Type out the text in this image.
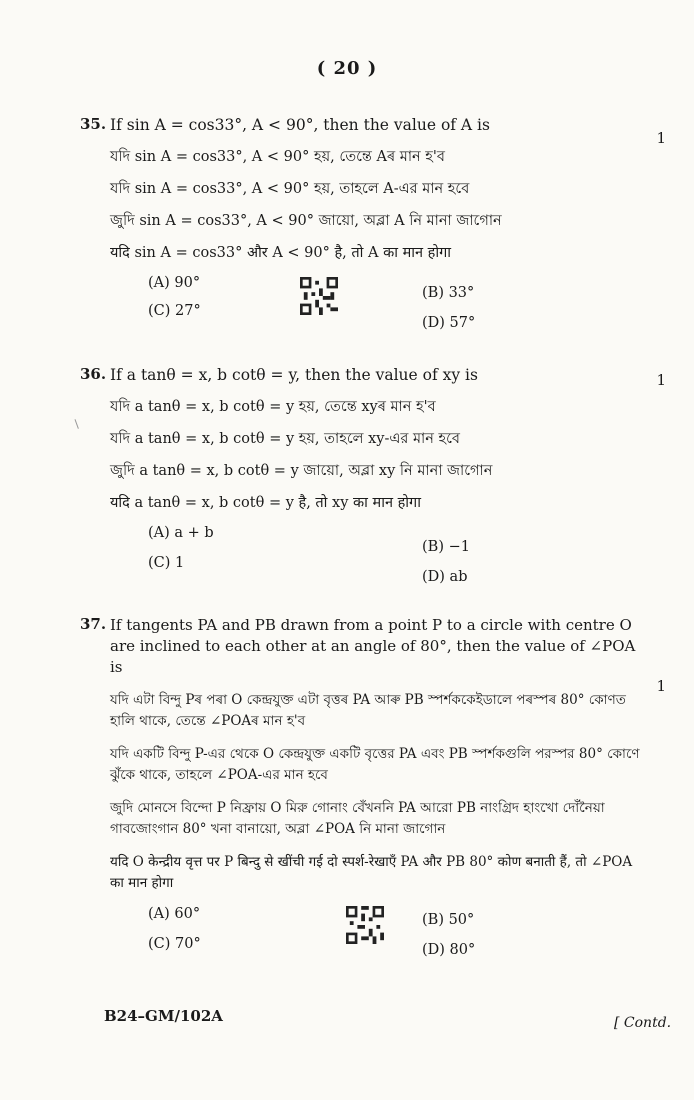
( 20 )
35.
1
If sin A = cos33°, A < 90°, then the value of A is
যদি sin A = cos33°, A < 90° হয়, তেন্তে Aৰ মান হ'ব
যদি sin A = cos33°, A < 90° হয়, তাহলে A-এর মান হবে
জুদি sin A = cos33°, A < 90° জায়ো, অব্লা A নি মানা জাগোন
यदि sin A = cos33° और A < 90° है, तो A का मान होगा
(A) 90°
(B) 33°
(C) 27°
(D) 57°
36.	1
If a tanθ = x, b cotθ = y, then the value of xy is
যদি a tanθ = x, b cotθ = y হয়, তেন্তে xyৰ মান হ'ব
যদি a tanθ = x, b cotθ = y হয়, তাহলে xy-এর মান হবে
জুদি a tanθ = x, b cotθ = y জায়ো, অব্লা xy নি মানা জাগোন
यदि a tanθ = x, b cotθ = y है, तो xy का मान होगा
(A) a + b
(B) −1
(C) 1
(D) ab
37.
1
If tangents PA and PB drawn from a point P to a circle with centre O are inclined to each other at an angle of 80°, then the value of ∠POA is
যদি এটা বিন্দু Pৰ পৰা O কেন্দ্ৰযুক্ত এটা বৃত্তৰ PA আৰু PB স্পৰ্শককেইডালে পৰস্পৰ 80° কোণত হালি থাকে, তেন্তে ∠POAৰ মান হ'ব
যদি একটি বিন্দু P-এর থেকে O কেন্দ্রযুক্ত একটি বৃত্তের PA এবং PB স্পর্শকগুলি পরস্পর 80° কোণে ঝুঁকে থাকে, তাহলে ∠POA-এর মান হবে
জুদি মোনসে বিন্দো P নিফ্রায় O মিরু গোনাং বেঁখননি PA আরো PB নাংগ্রিদ হাংখো দোঁনৈয়া গাবজোংগান 80° খনা বানায়ো, অব্লা ∠POA নি মানা জাগোন
यदि O केन्द्रीय वृत्त पर P बिन्दु से खींची गई दो स्पर्श-रेखाएँ PA और PB 80° कोण बनाती हैं, तो ∠POA का मान होगा
(A) 60°	(B) 50°
(C) 70°	(D) 80°
B24–GM/102A	[ Contd.
